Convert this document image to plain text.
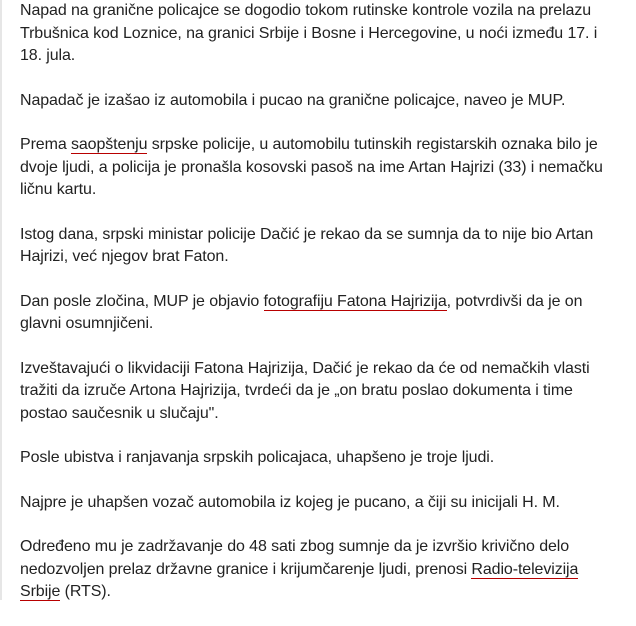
Napad na granične policajce se dogodio tokom rutinske kontrole vozila na prelazu Trbušnica kod Loznice, na granici Srbije i Bosne i Hercegovine, u noći između 17. i 18. jula.

Napadač je izašao iz automobila i pucao na granične policajce, naveo je MUP.

Prema saopštenju srpske policije, u automobilu tutinskih registarskih oznaka bilo je dvoje ljudi, a policija je pronašla kosovski pasoš na ime Artan Hajrizi (33) i nemačku ličnu kartu.

Istog dana, srpski ministar policije Dačić je rekao da se sumnja da to nije bio Artan Hajrizi, već njegov brat Faton.

Dan posle zločina, MUP je objavio fotografiju Fatona Hajrizija, potvrdivši da je on glavni osumnjičeni.

Izveštavajući o likvidaciji Fatona Hajrizija, Dačić je rekao da će od nemačkih vlasti tražiti da izruče Artona Hajrizija, tvrdeći da je „on bratu poslao dokumenta i time postao saučesnik u slučaju".

Posle ubistva i ranjavanja srpskih policajaca, uhapšeno je troje ljudi.

Najpre je uhapšen vozač automobila iz kojeg je pucano, a čiji su inicijali H. M.

Određeno mu je zadržavanje do 48 sati zbog sumnje da je izvršio krivično delo nedozvoljen prelaz državne granice i krijumčarenje ljudi, prenosi Radio-televizija Srbije (RTS).
